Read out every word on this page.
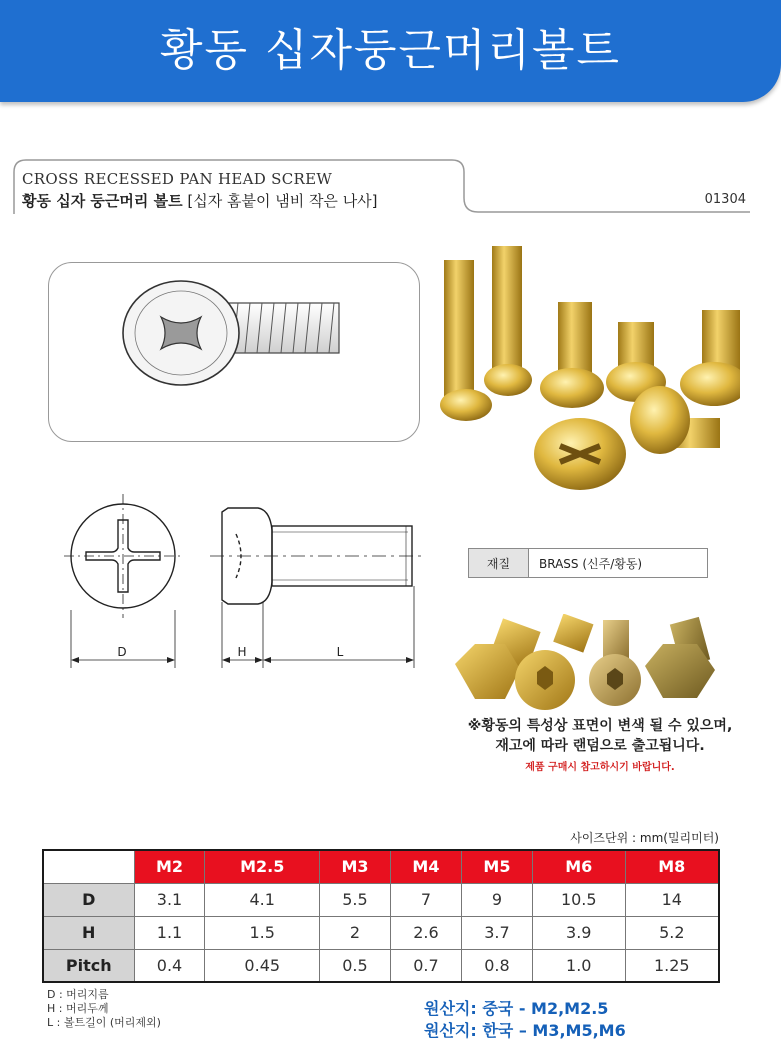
황동 십자둥근머리볼트
CROSS RECESSED PAN HEAD SCREW
황동 십자 둥근머리 볼트 [십자 홈붙이 냄비 작은 나사]	01304
D	H	L
재질	BRASS (신주/황동)
※황동의 특성상 표면이 변색 될 수 있으며,
재고에 따라 랜덤으로 출고됩니다.
제품 구매시 참고하시기 바랍니다.
사이즈단위 : mm(밀리미터)
	M2	M2.5	M3	M4	M5	M6	M8
D	3.1	4.1	5.5	7	9	10.5	14
H	1.1	1.5	2	2.6	3.7	3.9	5.2
Pitch	0.4	0.45	0.5	0.7	0.8	1.0	1.25
D : 머리지름
H : 머리두께
L : 볼트길이 (머리제외)
원산지: 중국 - M2,M2.5
원산지: 한국 – M3,M5,M6
